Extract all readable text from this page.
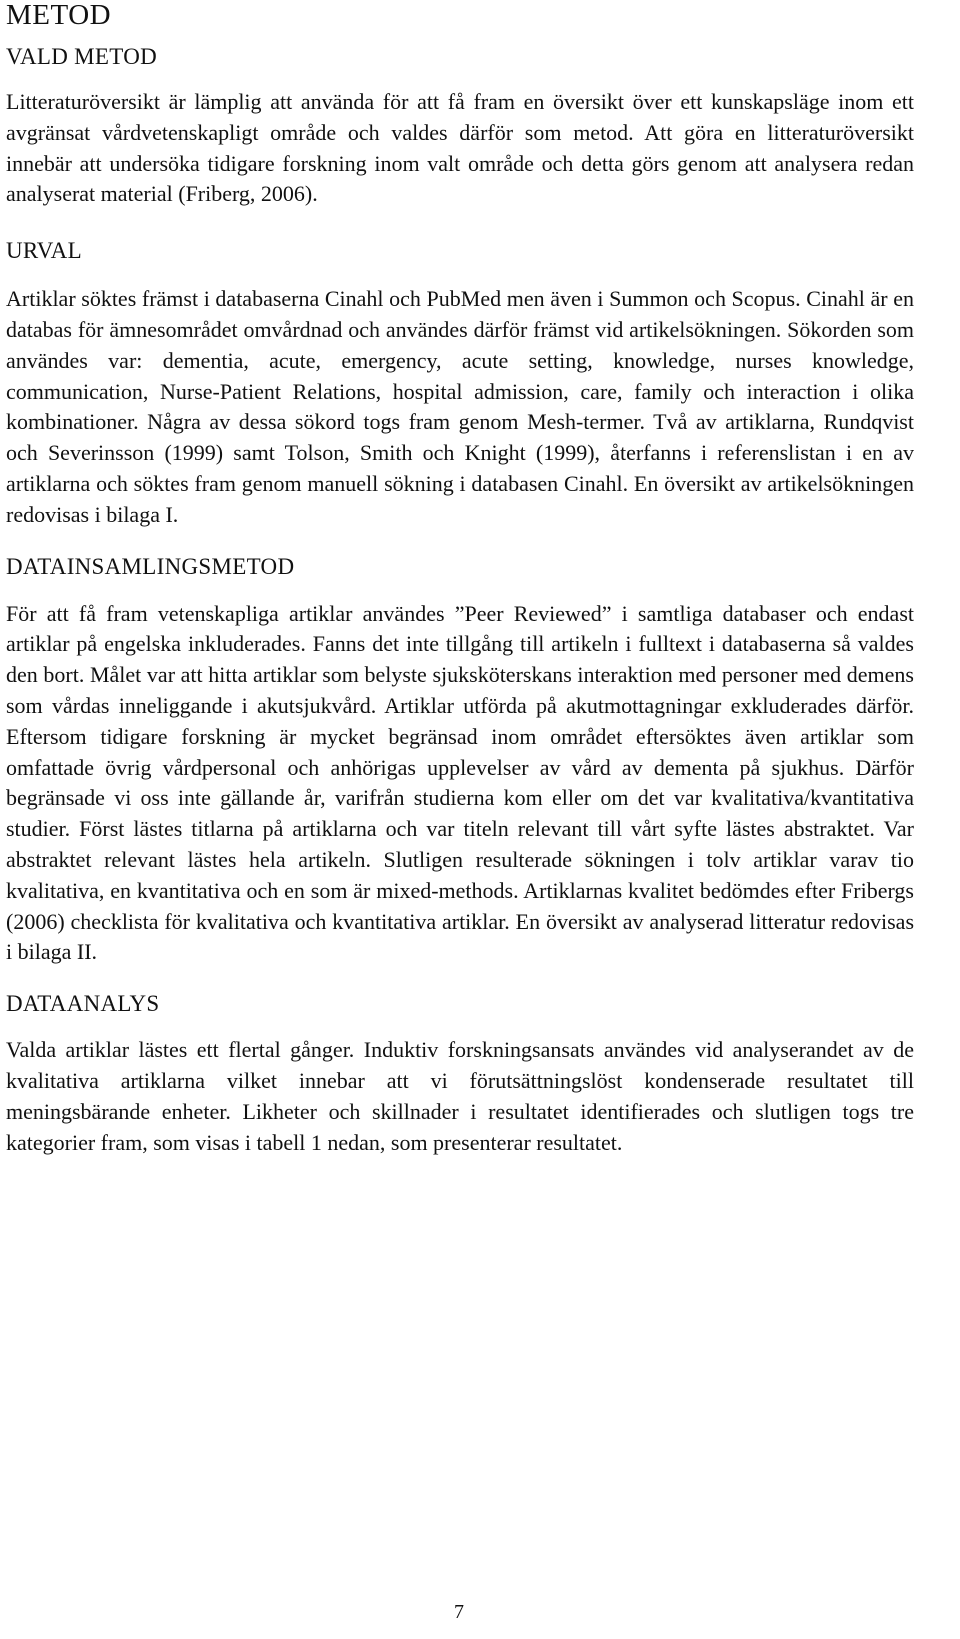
METOD
VALD METOD

Litteraturöversikt är lämplig att använda för att få fram en översikt över ett kunskapsläge inom ett avgränsat vårdvetenskapligt område och valdes därför som metod. Att göra en litteraturöversikt innebär att undersöka tidigare forskning inom valt område och detta görs genom att analysera redan analyserat material (Friberg, 2006).

URVAL

Artiklar söktes främst i databaserna Cinahl och PubMed men även i Summon och Scopus. Cinahl är en databas för ämnesområdet omvårdnad och användes därför främst vid artikelsökningen. Sökorden som användes var: dementia, acute, emergency, acute setting, knowledge, nurses knowledge, communication, Nurse-Patient Relations, hospital admission, care, family och interaction i olika kombinationer. Några av dessa sökord togs fram genom Mesh-termer. Två av artiklarna, Rundqvist och Severinsson (1999) samt Tolson, Smith och Knight (1999), återfanns i referenslistan i en av artiklarna och söktes fram genom manuell sökning i databasen Cinahl. En översikt av artikelsökningen redovisas i bilaga I.

DATAINSAMLINGSMETOD

För att få fram vetenskapliga artiklar användes ”Peer Reviewed” i samtliga databaser och endast artiklar på engelska inkluderades. Fanns det inte tillgång till artikeln i fulltext i databaserna så valdes den bort. Målet var att hitta artiklar som belyste sjuksköterskans interaktion med personer med demens som vårdas inneliggande i akutsjukvård. Artiklar utförda på akutmottagningar exkluderades därför. Eftersom tidigare forskning är mycket begränsad inom området eftersöktes även artiklar som omfattade övrig vårdpersonal och anhörigas upplevelser av vård av dementa på sjukhus. Därför begränsade vi oss inte gällande år, varifrån studierna kom eller om det var kvalitativa/kvantitativa studier. Först lästes titlarna på artiklarna och var titeln relevant till vårt syfte lästes abstraktet. Var abstraktet relevant lästes hela artikeln. Slutligen resulterade sökningen i tolv artiklar varav tio kvalitativa, en kvantitativa och en som är mixed-methods. Artiklarnas kvalitet bedömdes efter Fribergs (2006) checklista för kvalitativa och kvantitativa artiklar. En översikt av analyserad litteratur redovisas i bilaga II.

DATAANALYS

Valda artiklar lästes ett flertal gånger. Induktiv forskningsansats användes vid analyserandet av de kvalitativa artiklarna vilket innebar att vi förutsättningslöst kondenserade resultatet till meningsbärande enheter. Likheter och skillnader i resultatet identifierades och slutligen togs tre kategorier fram, som visas i tabell 1 nedan, som presenterar resultatet.

7
